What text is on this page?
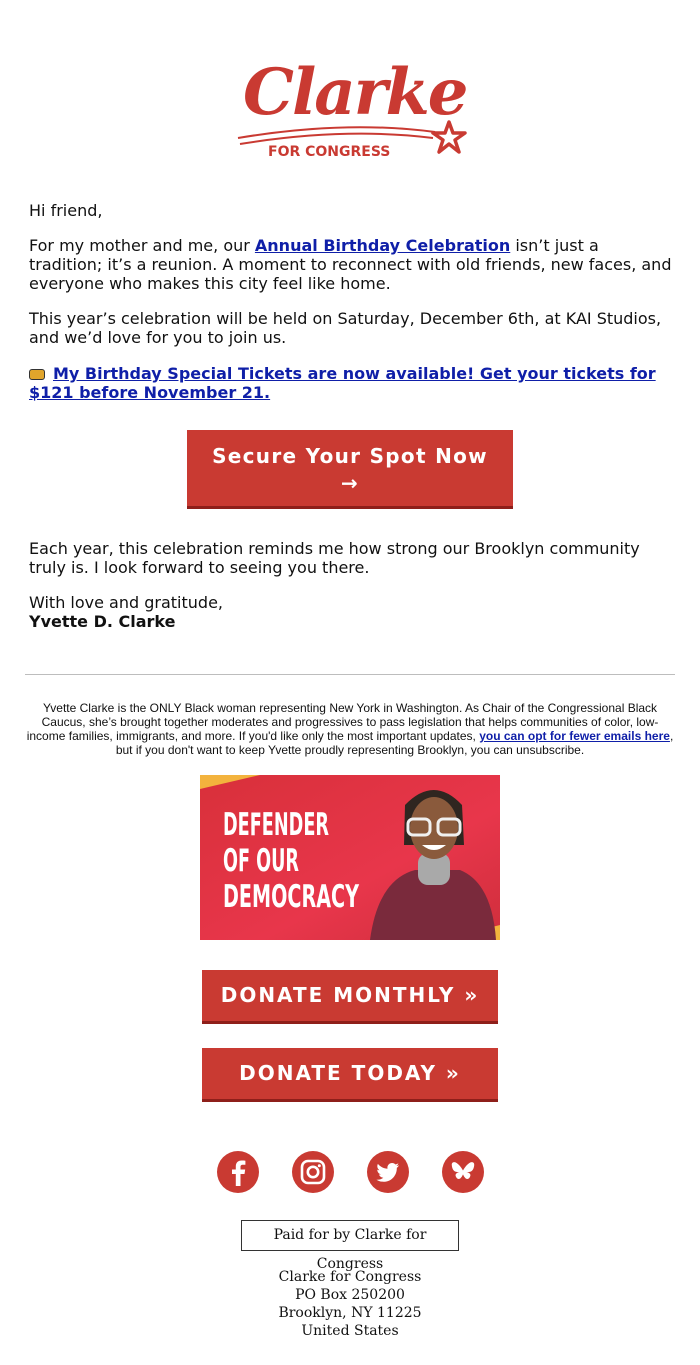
Clarke
FOR CONGRESS

Hi friend,

For my mother and me, our Annual Birthday Celebration isn’t just a tradition; it’s a reunion. A moment to reconnect with old friends, new faces, and everyone who makes this city feel like home.

This year’s celebration will be held on Saturday, December 6th, at KAI Studios, and we’d love for you to join us.

My Birthday Special Tickets are now available! Get your tickets for $121 before November 21.

Secure Your Spot Now
→

Each year, this celebration reminds me how strong our Brooklyn community truly is. I look forward to seeing you there.

With love and gratitude,

Yvette D. Clarke

Yvette Clarke is the ONLY Black woman representing New York in Washington. As Chair of the Congressional Black Caucus, she’s brought together moderates and progressives to pass legislation that helps communities of color, low-income families, immigrants, and more. If you'd like only the most important updates, you can opt for fewer emails here, but if you don't want to keep Yvette proudly representing Brooklyn, you can unsubscribe.
DEFENDER
OF OUR
DEMOCRACY
DONATE MONTHLY »
DONATE TODAY »
Paid for by Clarke for Congress
Clarke for Congress
PO Box 250200
Brooklyn, NY 11225
United States
